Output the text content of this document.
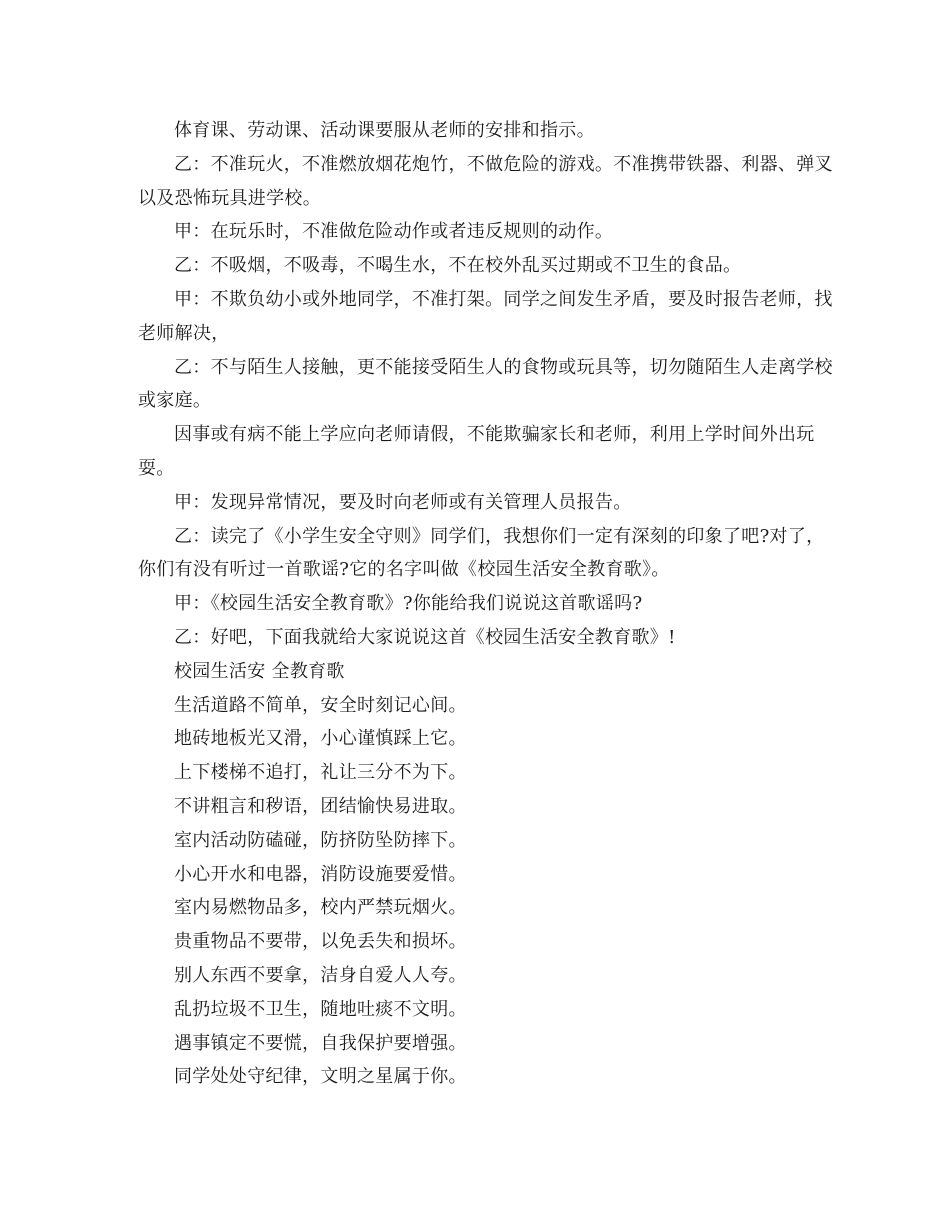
体育课、劳动课、活动课要服从老师的安排和指示。

乙：不准玩火，不准燃放烟花炮竹，不做危险的游戏。不准携带铁器、利器、弹叉以及恐怖玩具进学校。

甲：在玩乐时，不准做危险动作或者违反规则的动作。

乙：不吸烟，不吸毒，不喝生水，不在校外乱买过期或不卫生的食品。

甲：不欺负幼小或外地同学，不准打架。同学之间发生矛盾，要及时报告老师，找老师解决，

乙：不与陌生人接触，更不能接受陌生人的食物或玩具等，切勿随陌生人走离学校或家庭。

因事或有病不能上学应向老师请假，不能欺骗家长和老师，利用上学时间外出玩耍。

甲：发现异常情况，要及时向老师或有关管理人员报告。

乙：读完了《小学生安全守则》同学们，我想你们一定有深刻的印象了吧?对了，你们有没有听过一首歌谣?它的名字叫做《校园生活安全教育歌》。

甲：《校园生活安全教育歌》?你能给我们说说这首歌谣吗?

乙：好吧，下面我就给大家说说这首《校园生活安全教育歌》!

校园生活安 全教育歌

生活道路不简单，安全时刻记心间。

地砖地板光又滑，小心谨慎踩上它。

上下楼梯不追打，礼让三分不为下。

不讲粗言和秽语，团结愉快易进取。

室内活动防磕碰，防挤防坠防摔下。

小心开水和电器，消防设施要爱惜。

室内易燃物品多，校内严禁玩烟火。

贵重物品不要带，以免丢失和损坏。

别人东西不要拿，洁身自爱人人夸。

乱扔垃圾不卫生，随地吐痰不文明。

遇事镇定不要慌，自我保护要增强。

同学处处守纪律，文明之星属于你。
